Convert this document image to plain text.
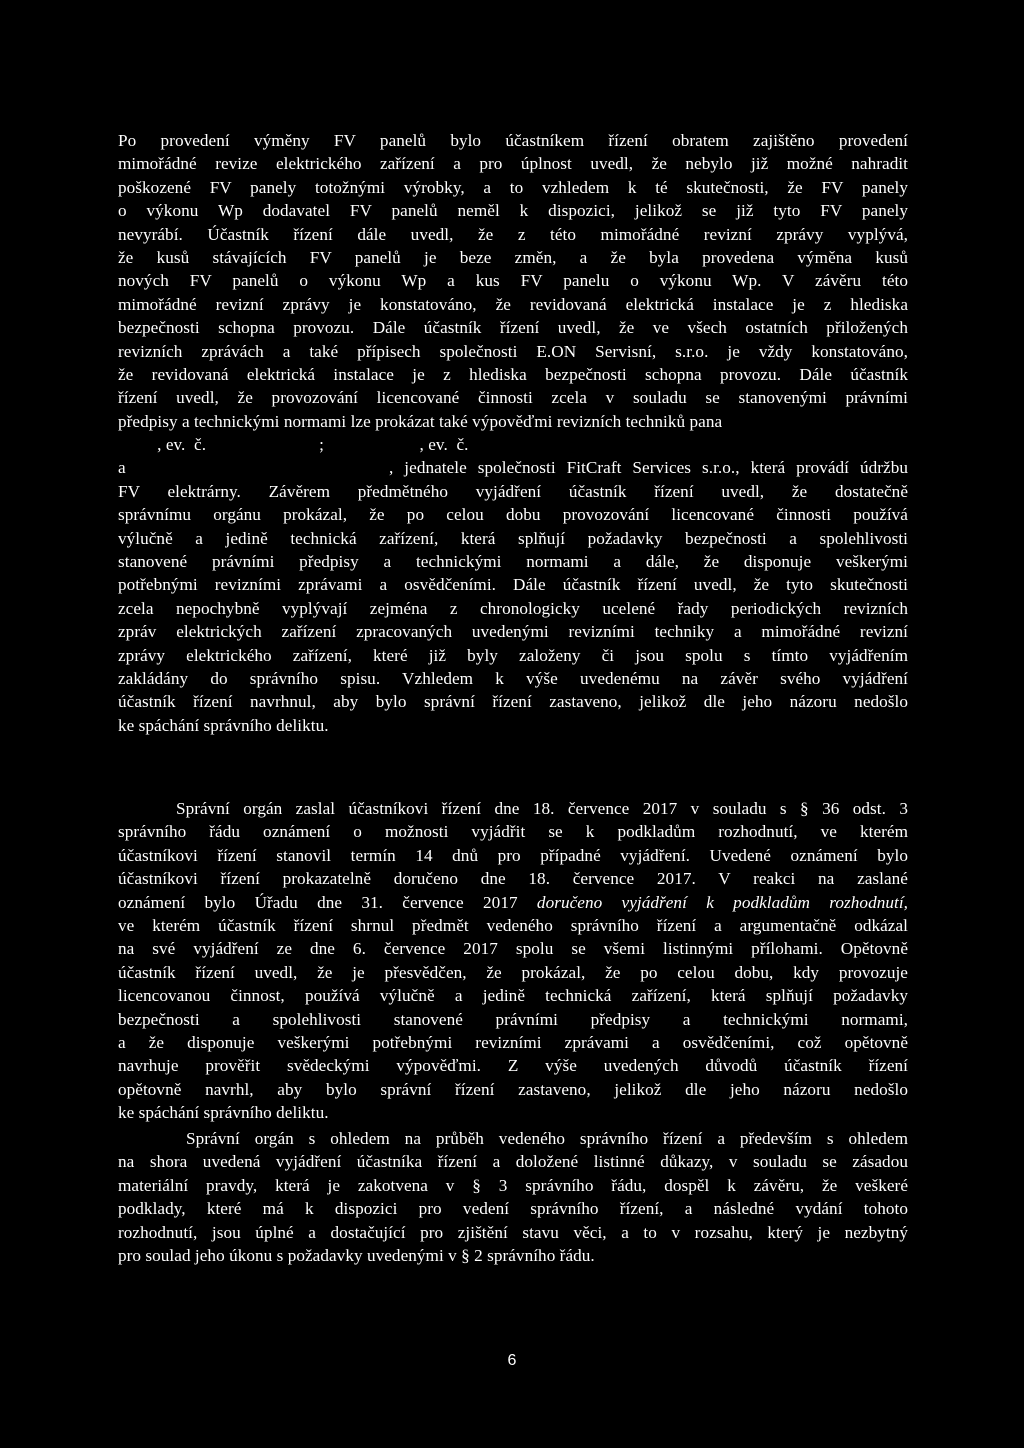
Po provedení výměny FV panelů bylo účastníkem řízení obratem zajištěno provedení
mimořádné revize elektrického zařízení a pro úplnost uvedl, že nebylo již možné nahradit
poškozené FV panely totožnými výrobky, a to vzhledem k té skutečnosti, že FV panely
o výkonu Wp dodavatel FV panelů neměl k dispozici, jelikož se již tyto FV panely
nevyrábí. Účastník řízení dále uvedl, že z této mimořádné revizní zprávy vyplývá,
že kusů stávajících FV panelů je beze změn, a že byla provedena výměna kusů
nových FV panelů o výkonu Wp a kus FV panelu o výkonu Wp. V závěru této
mimořádné revizní zprávy je konstatováno, že revidovaná elektrická instalace je z hlediska
bezpečnosti schopna provozu. Dále účastník řízení uvedl, že ve všech ostatních přiložených
revizních zprávách a také přípisech společnosti E.ON Servisní, s.r.o. je vždy konstatováno,
že revidovaná elektrická instalace je z hlediska bezpečnosti schopna provozu. Dále účastník
řízení uvedl, že provozování licencované činnosti zcela v souladu se stanovenými právními
předpisy a technickými normami lze prokázat také výpověďmi revizních techniků pana
, ev.  č.                          ;                      , ev.  č.
a                        , jednatele společnosti FitCraft Services s.r.o., která provádí údržbu
FV elektrárny. Závěrem předmětného vyjádření účastník řízení uvedl, že dostatečně
správnímu orgánu prokázal, že po celou dobu provozování licencované činnosti používá
výlučně a jedině technická zařízení, která splňují požadavky bezpečnosti a spolehlivosti
stanovené právními předpisy a technickými normami a dále, že disponuje veškerými
potřebnými revizními zprávami a osvědčeními. Dále účastník řízení uvedl, že tyto skutečnosti
zcela nepochybně vyplývají zejména z chronologicky ucelené řady periodických revizních
zpráv elektrických zařízení zpracovaných uvedenými revizními techniky a mimořádné revizní
zprávy elektrického zařízení, které již byly založeny či jsou spolu s tímto vyjádřením
zakládány do správního spisu. Vzhledem k výše uvedenému na závěr svého vyjádření
účastník řízení navrhnul, aby bylo správní řízení zastaveno, jelikož dle jeho názoru nedošlo
ke spáchání správního deliktu.
Správní orgán zaslal účastníkovi řízení dne 18. července 2017 v souladu s § 36 odst. 3
správního řádu oznámení o možnosti vyjádřit se k podkladům rozhodnutí, ve kterém
účastníkovi řízení stanovil termín 14 dnů pro případné vyjádření. Uvedené oznámení bylo
účastníkovi řízení prokazatelně doručeno dne 18. července 2017. V reakci na zaslané
oznámení bylo Úřadu dne 31. července 2017 doručeno vyjádření k podkladům rozhodnutí,
ve kterém účastník řízení shrnul předmět vedeného správního řízení a argumentačně odkázal
na své vyjádření ze dne 6. července 2017 spolu se všemi listinnými přílohami. Opětovně
účastník řízení uvedl, že je přesvědčen, že prokázal, že po celou dobu, kdy provozuje
licencovanou činnost, používá výlučně a jedině technická zařízení, která splňují požadavky
bezpečnosti a spolehlivosti stanovené právními předpisy a technickými normami,
a že disponuje veškerými potřebnými revizními zprávami a osvědčeními, což opětovně
navrhuje prověřit svědeckými výpověďmi. Z výše uvedených důvodů účastník řízení
opětovně navrhl, aby bylo správní řízení zastaveno, jelikož dle jeho názoru nedošlo
ke spáchání správního deliktu.
Správní orgán s ohledem na průběh vedeného správního řízení a především s ohledem
na shora uvedená vyjádření účastníka řízení a doložené listinné důkazy, v souladu se zásadou
materiální pravdy, která je zakotvena v § 3 správního řádu, dospěl k závěru, že veškeré
podklady, které má k dispozici pro vedení správního řízení, a následné vydání tohoto
rozhodnutí, jsou úplné a dostačující pro zjištění stavu věci, a to v rozsahu, který je nezbytný
pro soulad jeho úkonu s požadavky uvedenými v § 2 správního řádu.
6
